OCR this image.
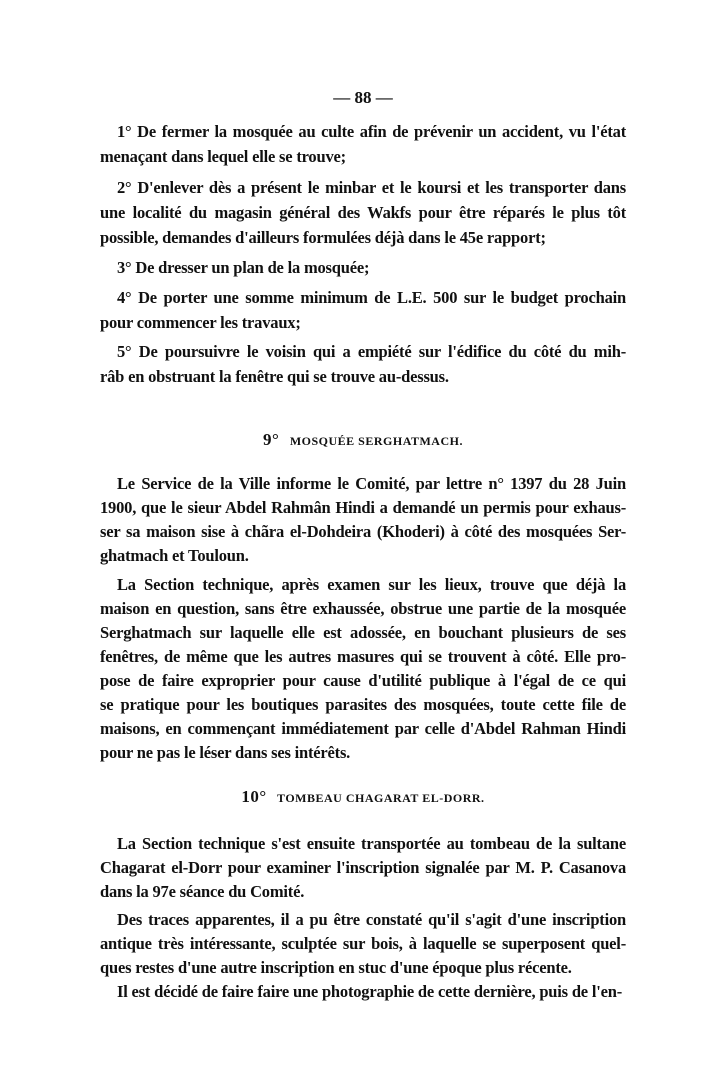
— 88 —
9° MOSQUÉE SERGHATMACH.
10° TOMBEAU CHAGARAT EL-DORR.
1° De fermer la mosquée au culte afin de prévenir un accident, vu l'état
menaçant dans lequel elle se trouve;
2° D'enlever dès a présent le minbar et le koursi et les transporter dans
une localité du magasin général des Wakfs pour être réparés le plus tôt
possible, demandes d'ailleurs formulées déjà dans le 45e rapport;
3° De dresser un plan de la mosquée;
4° De porter une somme minimum de L.E. 500 sur le budget prochain
pour commencer les travaux;
5° De poursuivre le voisin qui a empiété sur l'édifice du côté du mih-
râb en obstruant la fenêtre qui se trouve au-dessus.
Le Service de la Ville informe le Comité, par lettre n° 1397 du 28 Juin
1900, que le sieur Abdel Rahmân Hindi a demandé un permis pour exhaus-
ser sa maison sise à chãra el-Dohdeira (Khoderi) à côté des mosquées Ser-
ghatmach et Touloun.
La Section technique, après examen sur les lieux, trouve que déjà la
maison en question, sans être exhaussée, obstrue une partie de la mosquée
Serghatmach sur laquelle elle est adossée, en bouchant plusieurs de ses
fenêtres, de même que les autres masures qui se trouvent à côté. Elle pro-
pose de faire exproprier pour cause d'utilité publique à l'égal de ce qui
se pratique pour les boutiques parasites des mosquées, toute cette file de
maisons, en commençant immédiatement par celle d'Abdel Rahman Hindi
pour ne pas le léser dans ses intérêts.
La Section technique s'est ensuite transportée au tombeau de la sultane
Chagarat el-Dorr pour examiner l'inscription signalée par M. P. Casanova
dans la 97e séance du Comité.
Des traces apparentes, il a pu être constaté qu'il s'agit d'une inscription
antique très intéressante, sculptée sur bois, à laquelle se superposent quel-
ques restes d'une autre inscription en stuc d'une époque plus récente.
Il est décidé de faire faire une photographie de cette dernière, puis de l'en-
